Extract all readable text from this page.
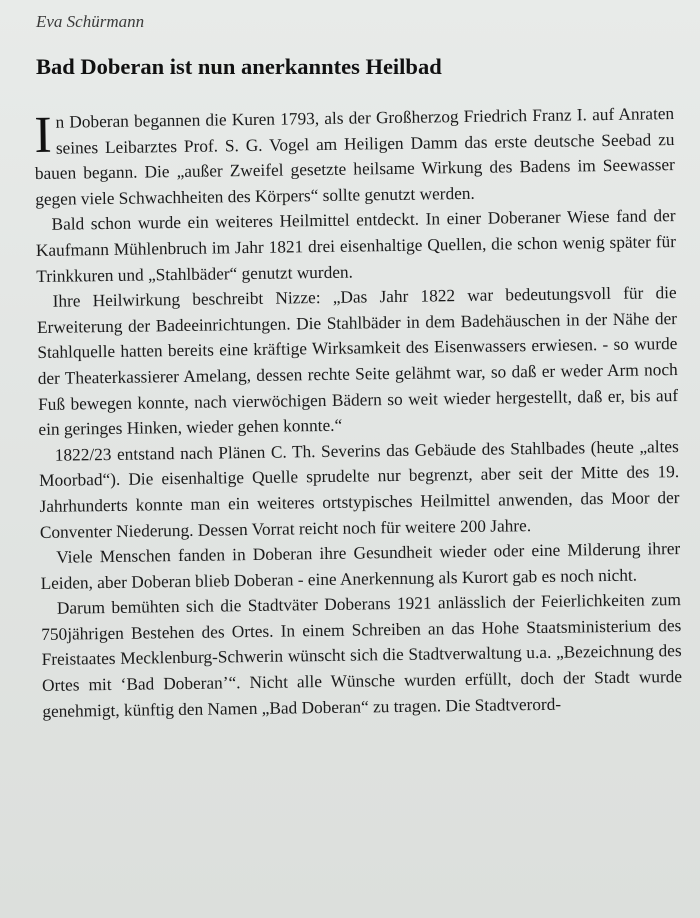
Eva Schürmann
Bad Doberan ist nun anerkanntes Heilbad

In Doberan begannen die Kuren 1793, als der Großherzog Friedrich Franz I. auf Anraten seines Leibarztes Prof. S. G. Vogel am Heiligen Damm das erste deutsche Seebad zu bauen begann. Die „außer Zweifel gesetzte heilsame Wirkung des Badens im Seewasser gegen viele Schwachheiten des Körpers“ sollte genutzt werden.

Bald schon wurde ein weiteres Heilmittel entdeckt. In einer Doberaner Wiese fand der Kaufmann Mühlenbruch im Jahr 1821 drei eisenhaltige Quellen, die schon wenig später für Trinkkuren und „Stahlbäder“ genutzt wurden.

Ihre Heilwirkung beschreibt Nizze: „Das Jahr 1822 war bedeutungsvoll für die Erweiterung der Badeeinrichtungen. Die Stahlbäder in dem Badehäuschen in der Nähe der Stahlquelle hatten bereits eine kräftige Wirksamkeit des Eisenwassers erwiesen. - so wurde der Theaterkassierer Amelang, dessen rechte Seite gelähmt war, so daß er weder Arm noch Fuß bewegen konnte, nach vierwöchigen Bädern so weit wieder hergestellt, daß er, bis auf ein geringes Hinken, wieder gehen konnte.“

1822/23 entstand nach Plänen C. Th. Severins das Gebäude des Stahlbades (heute „altes Moorbad“). Die eisenhaltige Quelle sprudelte nur begrenzt, aber seit der Mitte des 19. Jahrhunderts konnte man ein weiteres ortstypisches Heilmittel anwenden, das Moor der Conventer Niederung. Dessen Vorrat reicht noch für weitere 200 Jahre.

Viele Menschen fanden in Doberan ihre Gesundheit wieder oder eine Milderung ihrer Leiden, aber Doberan blieb Doberan - eine Anerkennung als Kurort gab es noch nicht.

Darum bemühten sich die Stadtväter Doberans 1921 anlässlich der Feierlichkeiten zum 750jährigen Bestehen des Ortes. In einem Schreiben an das Hohe Staatsministerium des Freistaates Mecklenburg-Schwerin wünscht sich die Stadtverwaltung u.a. „Bezeichnung des Ortes mit ‘Bad Doberan’“. Nicht alle Wünsche wurden erfüllt, doch der Stadt wurde genehmigt, künftig den Namen „Bad Doberan“ zu tragen. Die Stadtverord-
